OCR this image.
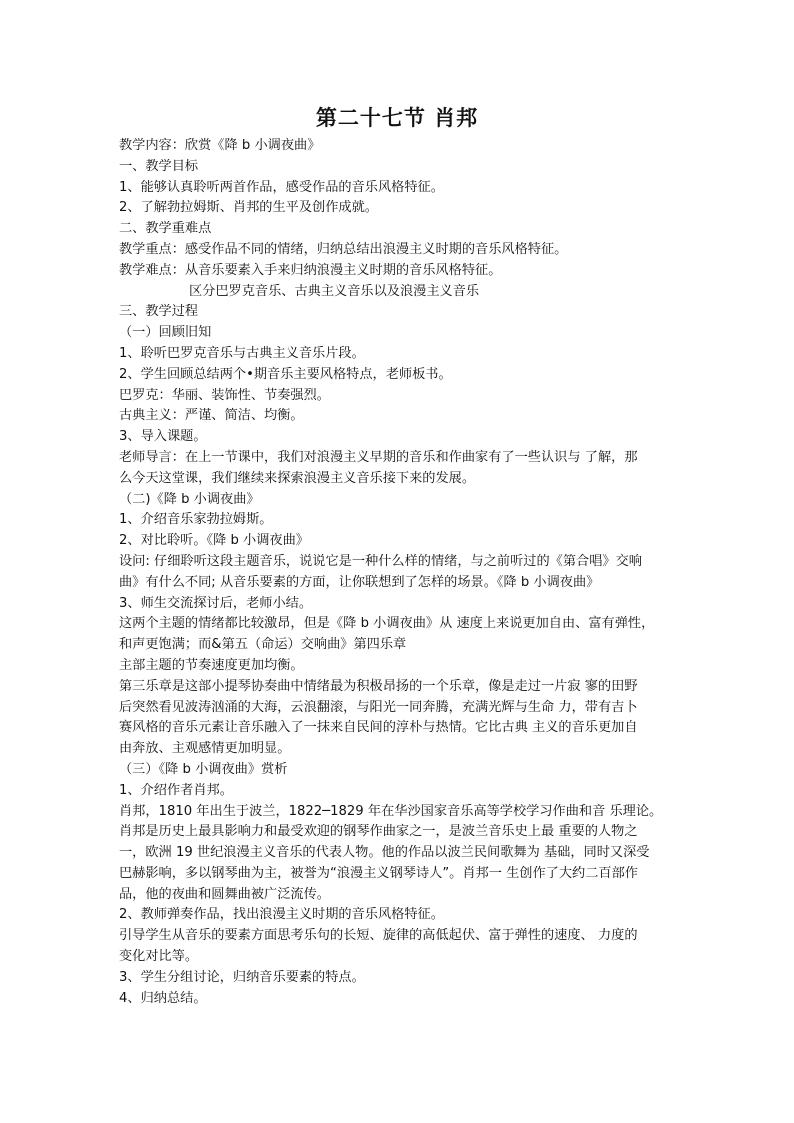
第二十七节 肖邦
教学内容：欣赏《降 b 小调夜曲》
一、教学目标
1、能够认真聆听两首作品，感受作品的音乐风格特征。
2、了解勃拉姆斯、肖邦的生平及创作成就。
二、教学重难点
教学重点：感受作品不同的情绪，归纳总结出浪漫主义时期的音乐风格特征。
教学难点：从音乐要素入手来归纳浪漫主义时期的音乐风格特征。
区分巴罗克音乐、古典主义音乐以及浪漫主义音乐
三、教学过程
（一）回顾旧知
1、聆听巴罗克音乐与古典主义音乐片段。
2、学生回顾总结两个•期音乐主要风格特点，老师板书。
巴罗克：华丽、装饰性、节奏强烈。
古典主义：严谨、简洁、均衡。
3、导入课题。
老师导言：在上一节课中，我们对浪漫主义早期的音乐和作曲家有了一些认识与 了解，那
么今天这堂课，我们继续来探索浪漫主义音乐接下来的发展。
（二)《降 b 小调夜曲》
1、介绍音乐家勃拉姆斯。
2、对比聆听。《降 b 小调夜曲》
设问: 仔细聆听这段主题音乐，说说它是一种什么样的情绪，与之前听过的《第合唱》交响
曲》有什么不同; 从音乐要素的方面，让你联想到了怎样的场景。《降 b 小调夜曲》
3、师生交流探讨后，老师小结。
这两个主题的情绪都比较激昂，但是《降 b 小调夜曲》从 速度上来说更加自由、富有弹性，
和声更饱满；而&第五（命运）交响曲》第四乐章
主部主题的节奏速度更加均衡。
第三乐章是这部小提琴协奏曲中情绪最为积极昂扬的一个乐章，像是走过一片寂 寥的田野
后突然看见波涛汹涌的大海，云浪翻滚，与阳光一同奔腾，充满光辉与生命 力，带有吉卜
赛风格的音乐元素让音乐融入了一抹来自民间的淳朴与热情。它比古典 主义的音乐更加自
由奔放、主观感情更加明显。
（三）《降 b 小调夜曲》赏析
1、介绍作者肖邦。
肖邦，1810 年出生于波兰，1822─1829 年在华沙国家音乐高等学校学习作曲和音 乐理论。
肖邦是历史上最具影响力和最受欢迎的钢琴作曲家之一，是波兰音乐史上最 重要的人物之
一，欧洲 19 世纪浪漫主义音乐的代表人物。他的作品以波兰民间歌舞为 基础，同时又深受
巴赫影响，多以钢琴曲为主，被誉为“浪漫主义钢琴诗人”。肖邦一 生创作了大约二百部作
品，他的夜曲和圆舞曲被广泛流传。
2、教师弹奏作品，找出浪漫主义时期的音乐风格特征。
引导学生从音乐的要素方面思考乐句的长短、旋律的高低起伏、富于弹性的速度、 力度的
变化对比等。
3、学生分组讨论，归纳音乐要素的特点。
4、归纳总结。
